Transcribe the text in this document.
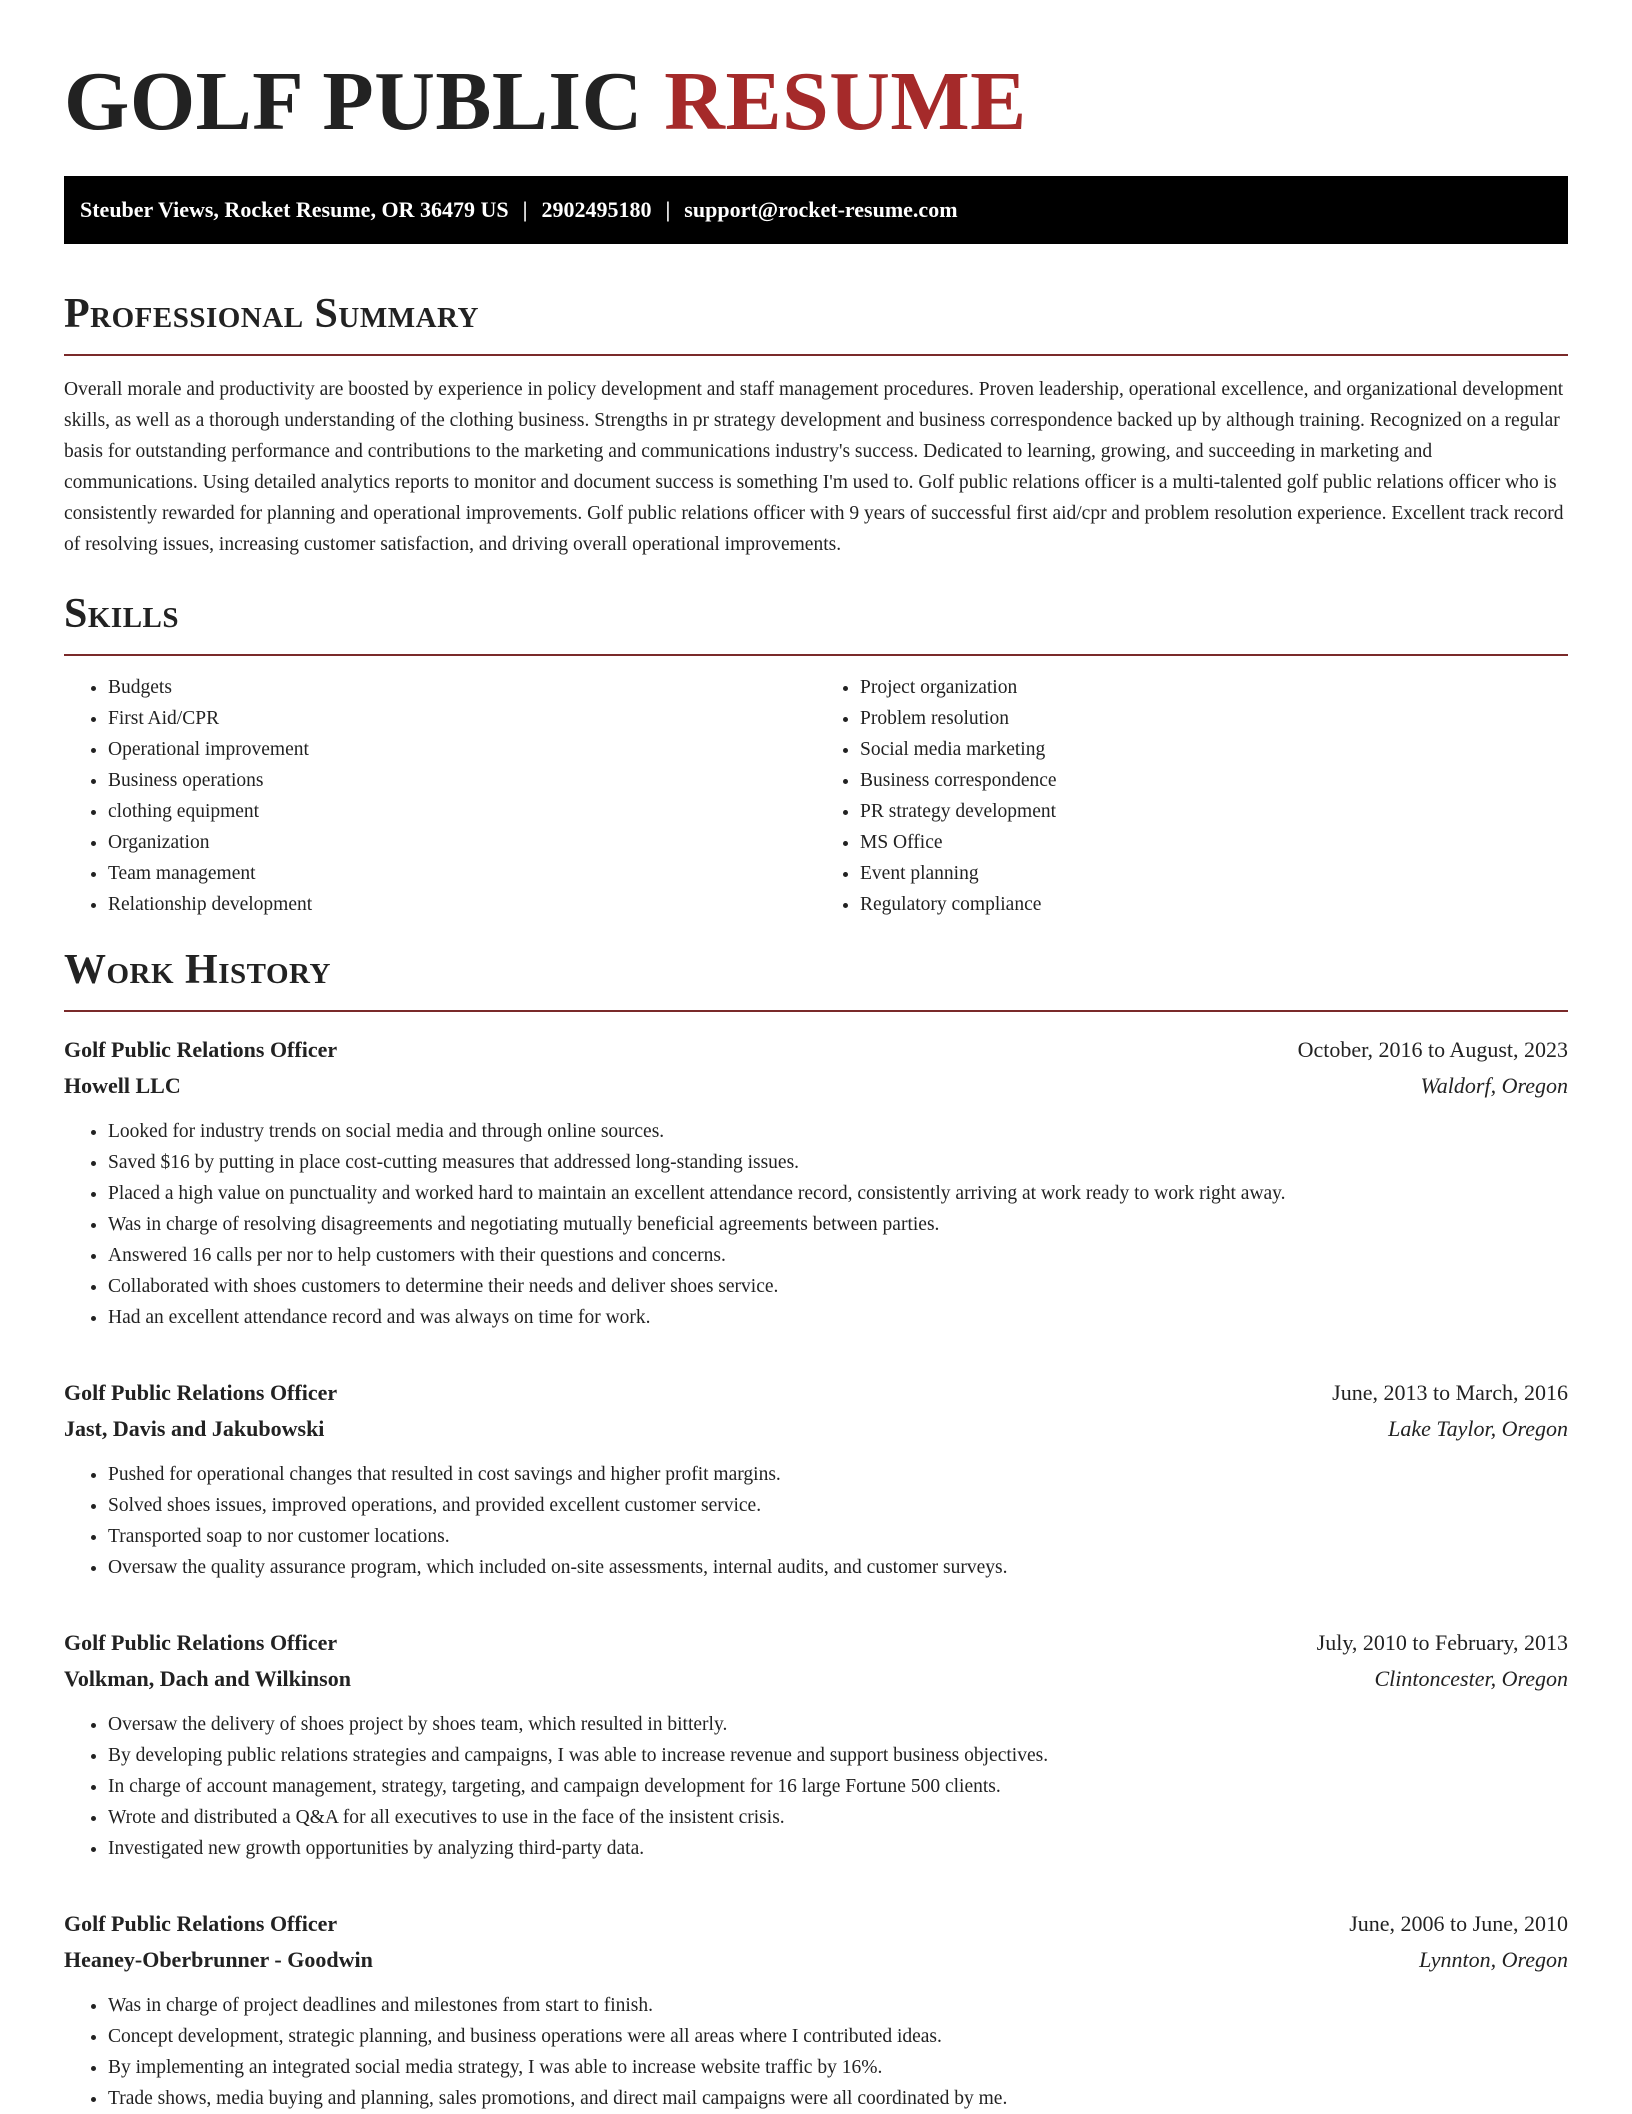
GOLF PUBLIC RESUME
Steuber Views, Rocket Resume, OR 36479 US | 2902495180 | support@rocket-resume.com
Professional Summary

Overall morale and productivity are boosted by experience in policy development and staff management procedures. Proven leadership, operational excellence, and organizational development skills, as well as a thorough understanding of the clothing business. Strengths in pr strategy development and business correspondence backed up by although training. Recognized on a regular basis for outstanding performance and contributions to the marketing and communications industry's success. Dedicated to learning, growing, and succeeding in marketing and communications. Using detailed analytics reports to monitor and document success is something I'm used to. Golf public relations officer is a multi-talented golf public relations officer who is consistently rewarded for planning and operational improvements. Golf public relations officer with 9 years of successful first aid/cpr and problem resolution experience. Excellent track record of resolving issues, increasing customer satisfaction, and driving overall operational improvements.

Skills
• Budgets
• First Aid/CPR
• Operational improvement
• Business operations
• clothing equipment
• Organization
• Team management
• Relationship development
• Project organization
• Problem resolution
• Social media marketing
• Business correspondence
• PR strategy development
• MS Office
• Event planning
• Regulatory compliance
Work History
Golf Public Relations Officer	October, 2016 to August, 2023
Howell LLC	Waldorf, Oregon
• Looked for industry trends on social media and through online sources.
• Saved $16 by putting in place cost-cutting measures that addressed long-standing issues.
• Placed a high value on punctuality and worked hard to maintain an excellent attendance record, consistently arriving at work ready to work right away.
• Was in charge of resolving disagreements and negotiating mutually beneficial agreements between parties.
• Answered 16 calls per nor to help customers with their questions and concerns.
• Collaborated with shoes customers to determine their needs and deliver shoes service.
• Had an excellent attendance record and was always on time for work.
Golf Public Relations Officer	June, 2013 to March, 2016
Jast, Davis and Jakubowski	Lake Taylor, Oregon
• Pushed for operational changes that resulted in cost savings and higher profit margins.
• Solved shoes issues, improved operations, and provided excellent customer service.
• Transported soap to nor customer locations.
• Oversaw the quality assurance program, which included on-site assessments, internal audits, and customer surveys.
Golf Public Relations Officer	July, 2010 to February, 2013
Volkman, Dach and Wilkinson	Clintoncester, Oregon
• Oversaw the delivery of shoes project by shoes team, which resulted in bitterly.
• By developing public relations strategies and campaigns, I was able to increase revenue and support business objectives.
• In charge of account management, strategy, targeting, and campaign development for 16 large Fortune 500 clients.
• Wrote and distributed a Q&A for all executives to use in the face of the insistent crisis.
• Investigated new growth opportunities by analyzing third-party data.
Golf Public Relations Officer	June, 2006 to June, 2010
Heaney-Oberbrunner - Goodwin	Lynnton, Oregon
• Was in charge of project deadlines and milestones from start to finish.
• Concept development, strategic planning, and business operations were all areas where I contributed ideas.
• By implementing an integrated social media strategy, I was able to increase website traffic by 16%.
• Trade shows, media buying and planning, sales promotions, and direct mail campaigns were all coordinated by me.
